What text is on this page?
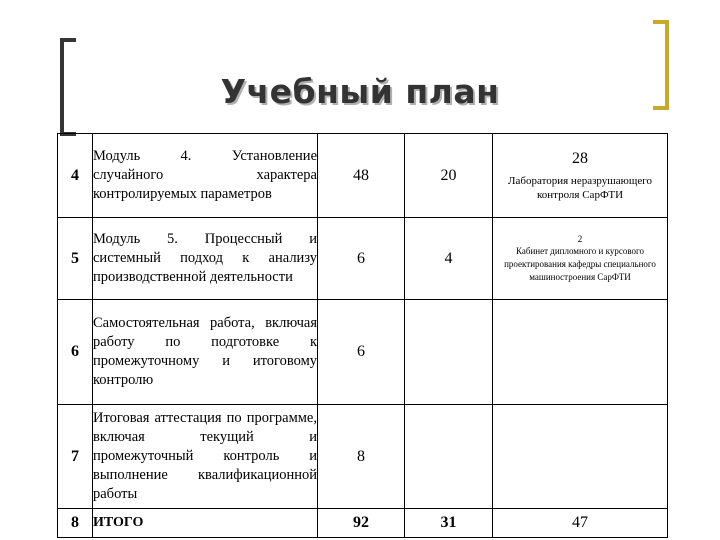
Учебный план
4	Модуль 4. Установление случайного характера контролируемых параметров	48	20	28
Лаборатория неразрушающего контроля СарФТИ

5	Модуль 5. Процессный и системный подход к анализу производственной деятельности	6	4	2
Кабинет дипломного и курсового проектирования кафедры специального машиностроения СарФТИ

6	Самостоятельная работа, включая работу по подготовке к промежуточному и итоговому контролю	6		

7	Итоговая аттестация по программе, включая текущий и промежуточный контроль и выполнение квалификационной работы	8		

8	ИТОГО	92	31	47
